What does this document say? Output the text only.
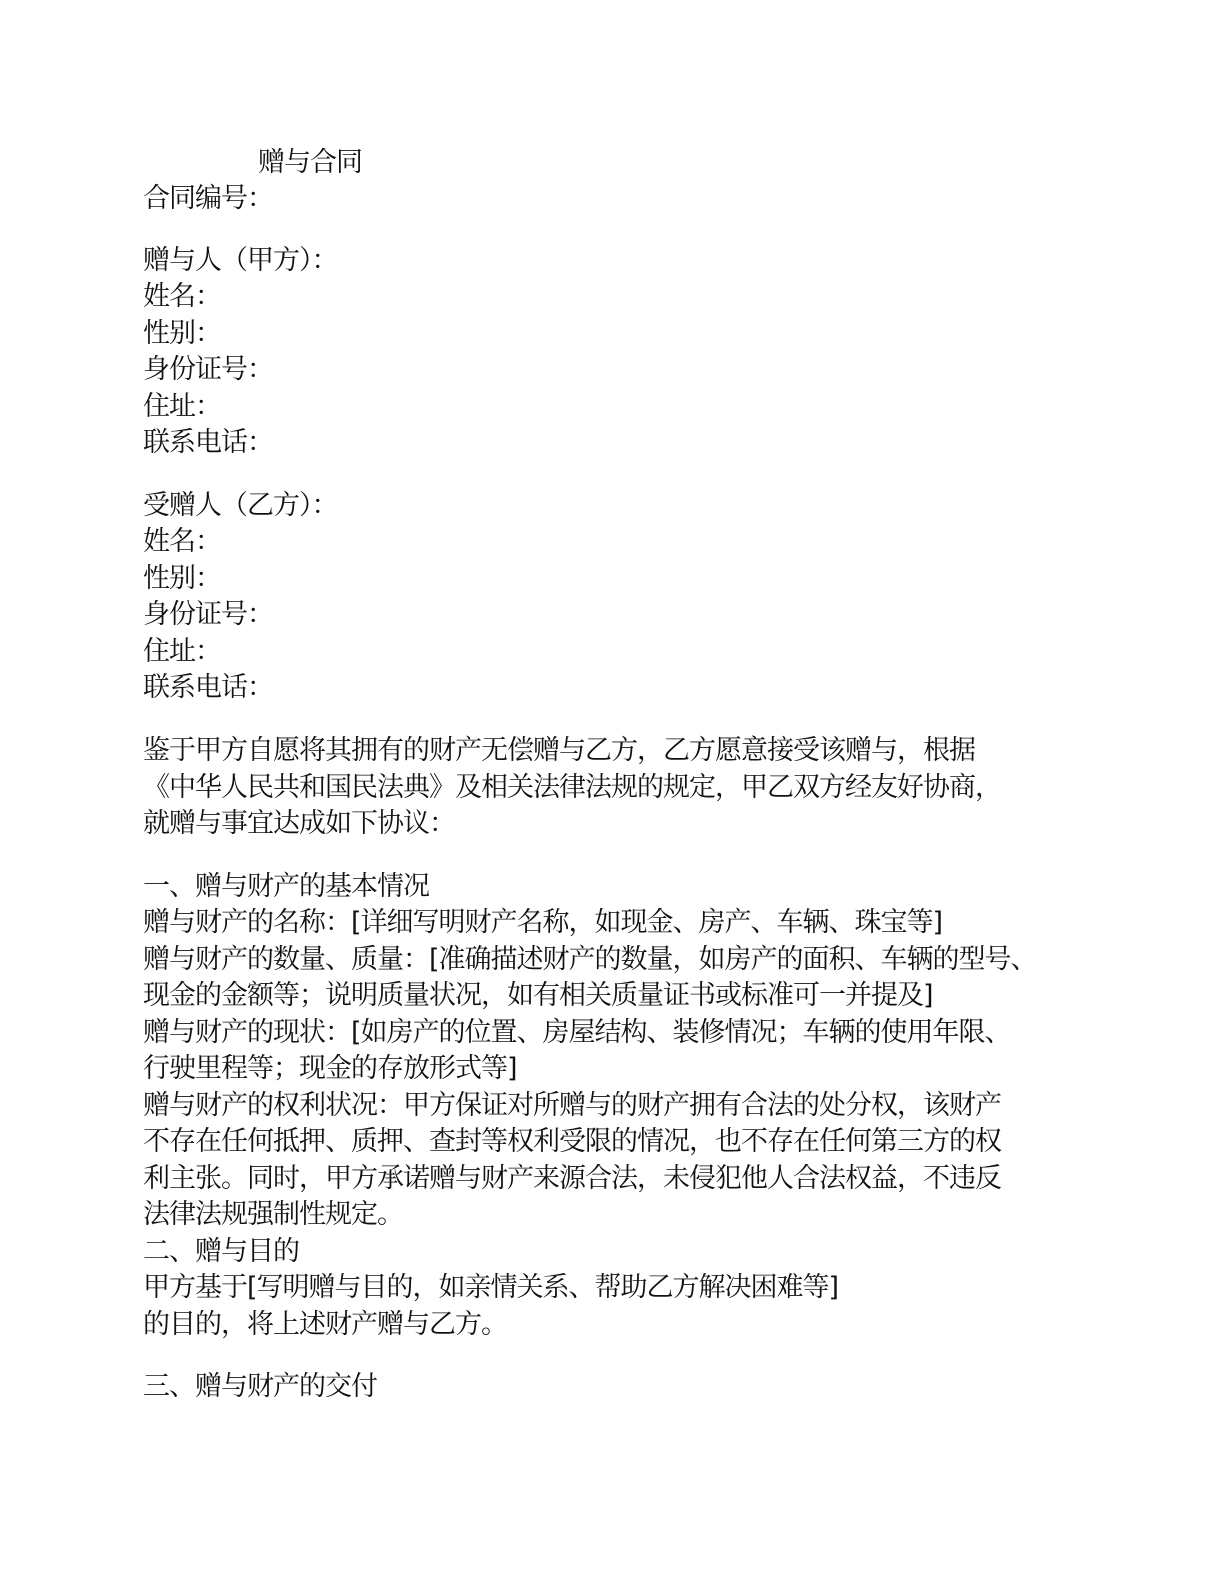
赠与合同
合同编号：
赠与人（甲方）：
姓名：
性别：
身份证号：
住址：
联系电话：
受赠人（乙方）：
姓名：
性别：
身份证号：
住址：
联系电话：
鉴于甲方自愿将其拥有的财产无偿赠与乙方，乙方愿意接受该赠与，根据
《中华人民共和国民法典》及相关法律法规的规定，甲乙双方经友好协商，
就赠与事宜达成如下协议：
一、赠与财产的基本情况
赠与财产的名称：[详细写明财产名称，如现金、房产、车辆、珠宝等]
赠与财产的数量、质量：[准确描述财产的数量，如房产的面积、车辆的型号、
现金的金额等；说明质量状况，如有相关质量证书或标准可一并提及]
赠与财产的现状：[如房产的位置、房屋结构、装修情况；车辆的使用年限、
行驶里程等；现金的存放形式等]
赠与财产的权利状况：甲方保证对所赠与的财产拥有合法的处分权，该财产
不存在任何抵押、质押、查封等权利受限的情况，也不存在任何第三方的权
利主张。同时，甲方承诺赠与财产来源合法，未侵犯他人合法权益，不违反
法律法规强制性规定。
二、赠与目的
甲方基于[写明赠与目的，如亲情关系、帮助乙方解决困难等]
的目的，将上述财产赠与乙方。
三、赠与财产的交付
